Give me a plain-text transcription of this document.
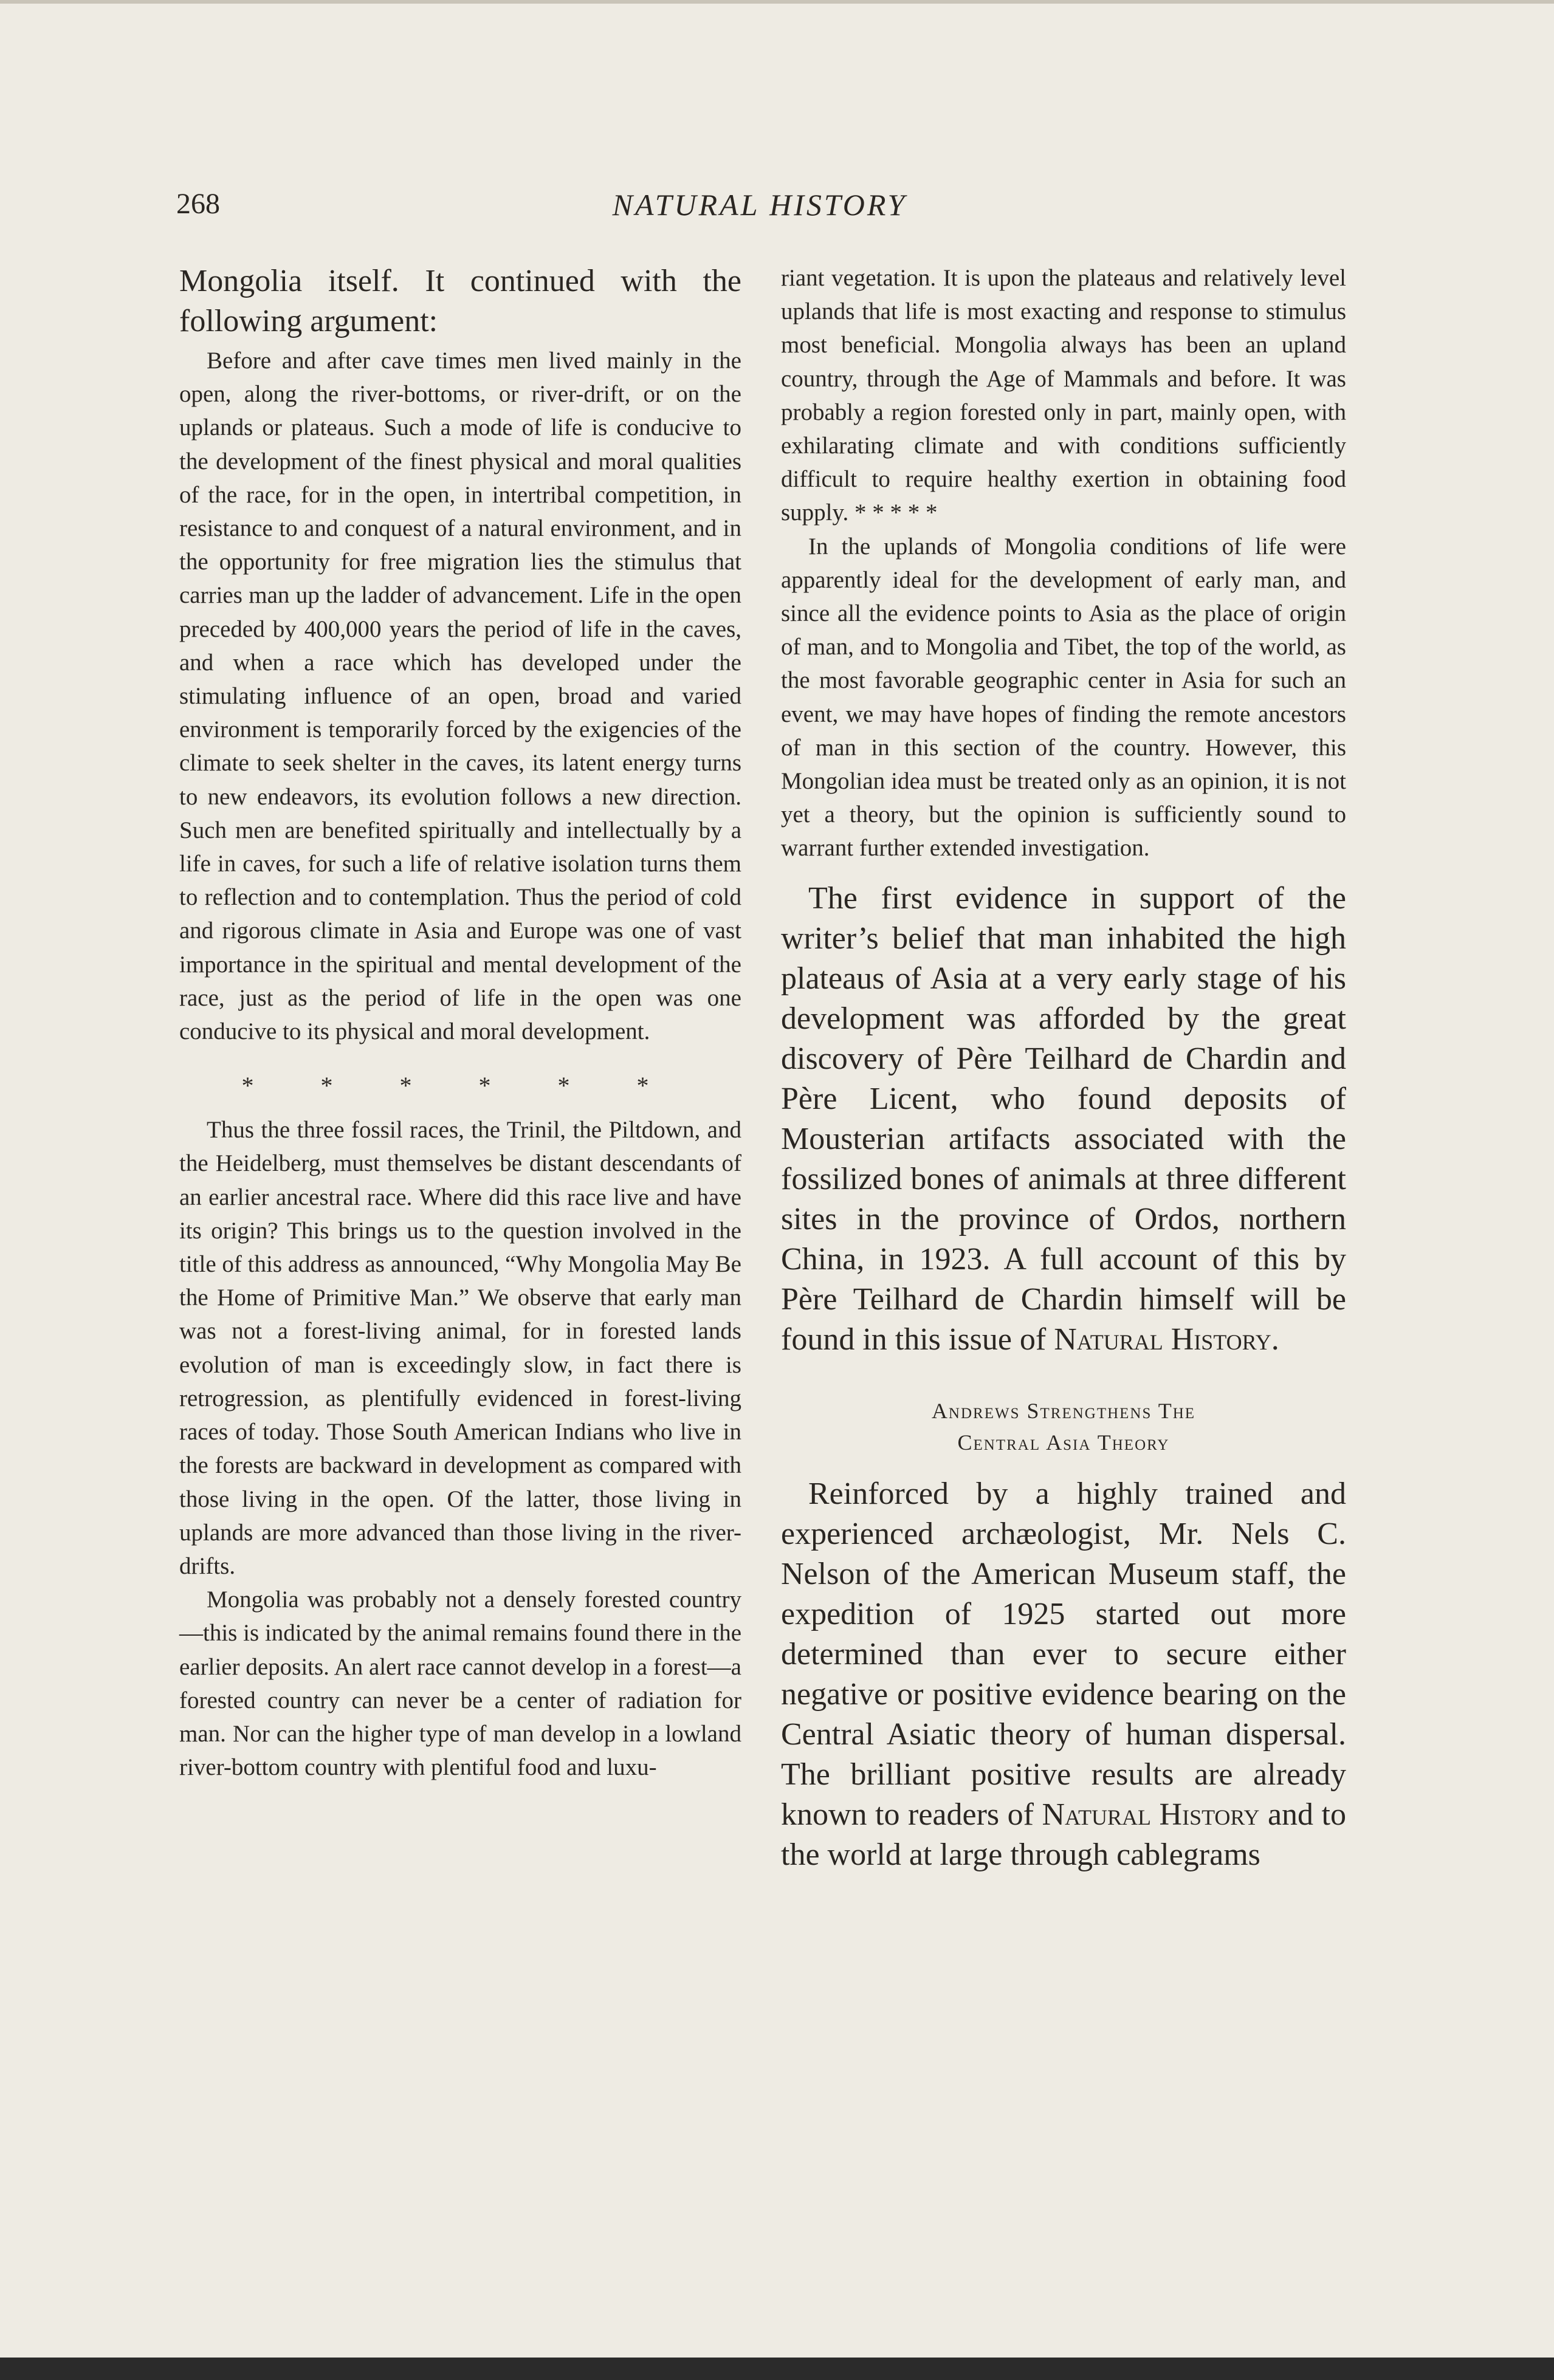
268	NATURAL HISTORY

Mongolia itself. It continued with the following argument:

Before and after cave times men lived mainly in the open, along the river-bottoms, or river-drift, or on the uplands or plateaus. Such a mode of life is conducive to the development of the finest physical and moral qualities of the race, for in the open, in intertribal competition, in resistance to and conquest of a natural environment, and in the opportunity for free migration lies the stimulus that carries man up the ladder of advancement. Life in the open preceded by 400,000 years the period of life in the caves, and when a race which has developed under the stimulating influence of an open, broad and varied environment is temporarily forced by the exigencies of the climate to seek shelter in the caves, its latent energy turns to new endeavors, its evolution follows a new direction. Such men are benefited spiritually and intellectually by a life in caves, for such a life of relative isolation turns them to reflection and to contemplation. Thus the period of cold and rigorous climate in Asia and Europe was one of vast importance in the spiritual and mental development of the race, just as the period of life in the open was one conducive to its physical and moral development.

* * * * * *

Thus the three fossil races, the Trinil, the Piltdown, and the Heidelberg, must themselves be distant descendants of an earlier ancestral race. Where did this race live and have its origin? This brings us to the question involved in the title of this address as announced, “Why Mongolia May Be the Home of Primitive Man.” We observe that early man was not a forest-living animal, for in forested lands evolution of man is exceedingly slow, in fact there is retrogression, as plentifully evidenced in forest-living races of today. Those South American Indians who live in the forests are backward in development as compared with those living in the open. Of the latter, those living in uplands are more advanced than those living in the river-drifts.

Mongolia was probably not a densely forested country—this is indicated by the animal remains found there in the earlier deposits. An alert race cannot develop in a forest—a forested country can never be a center of radiation for man. Nor can the higher type of man develop in a lowland river-bottom country with plentiful food and luxu-

riant vegetation. It is upon the plateaus and relatively level uplands that life is most exacting and response to stimulus most beneficial. Mongolia always has been an upland country, through the Age of Mammals and before. It was probably a region forested only in part, mainly open, with exhilarating climate and with conditions sufficiently difficult to require healthy exertion in obtaining food supply. * * * * *

In the uplands of Mongolia conditions of life were apparently ideal for the development of early man, and since all the evidence points to Asia as the place of origin of man, and to Mongolia and Tibet, the top of the world, as the most favorable geographic center in Asia for such an event, we may have hopes of finding the remote ancestors of man in this section of the country. However, this Mongolian idea must be treated only as an opinion, it is not yet a theory, but the opinion is sufficiently sound to warrant further extended investigation.

The first evidence in support of the writer’s belief that man inhabited the high plateaus of Asia at a very early stage of his development was afforded by the great discovery of Père Teilhard de Chardin and Père Licent, who found deposits of Mousterian artifacts associated with the fossilized bones of animals at three different sites in the province of Ordos, northern China, in 1923. A full account of this by Père Teilhard de Chardin himself will be found in this issue of Natural History.

Andrews Strengthens The
Central Asia Theory

Reinforced by a highly trained and experienced archæologist, Mr. Nels C. Nelson of the American Museum staff, the expedition of 1925 started out more determined than ever to secure either negative or positive evidence bearing on the Central Asiatic theory of human dispersal. The brilliant positive results are already known to readers of Natural History and to the world at large through cablegrams
